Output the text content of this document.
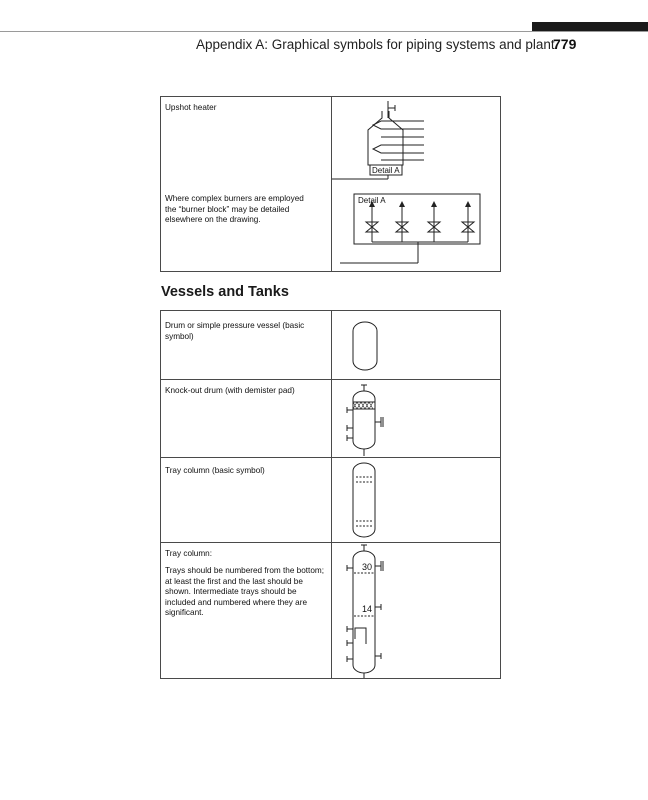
Appendix A: Graphical symbols for piping systems and plant
779
Upshot heater
Where complex burners are employed the “burner block” may be detailed elsewhere on the drawing.
Detail A
Detail A
Vessels and Tanks
Drum or simple pressure vessel (basic symbol)
Knock-out drum (with demister pad)
Tray column (basic symbol)
Tray column:
Trays should be numbered from the bottom; at least the first and the last should be shown. Intermediate trays should be included and numbered where they are significant.
30
14
